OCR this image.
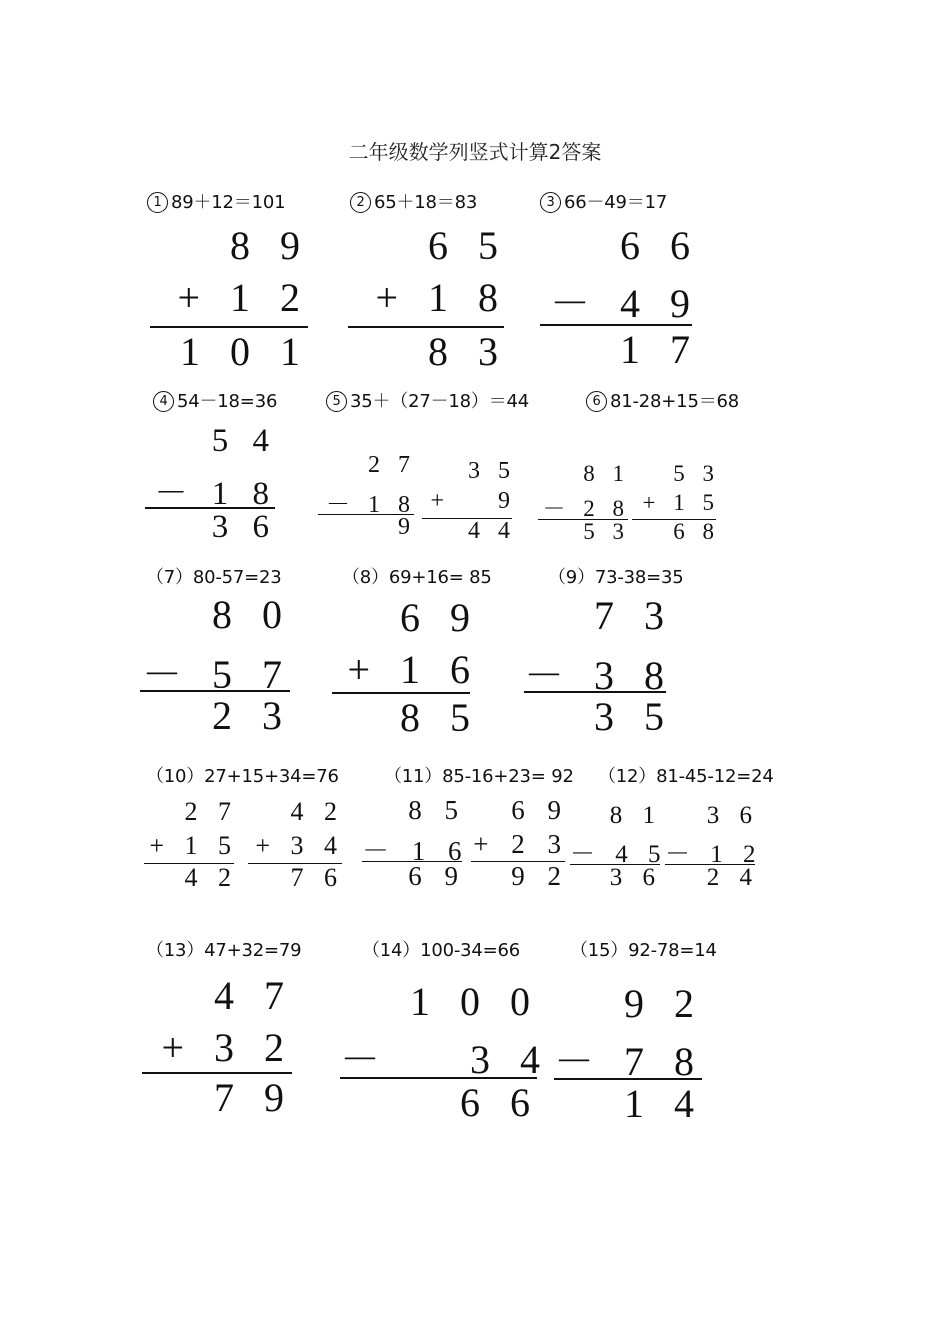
二年级数学列竖式计算2答案
1 89＋12＝101	2 65＋18＝83	3 66－49＝17
8 9
+ 1 2
1 0 1
6 5
+ 1 8
8 3
6 6
－ 4 9
1 7
4 54－18=36	5 35＋（27－18）＝44	6 81-28+15＝68
5 4
－ 1 8
3 6
2 7
－ 1 8
9
3 5
+    9
4 4
8 1
－ 2 8
5 3
5 3
+ 1 5
6 8
（7）80-57=23	（8）69+16= 85	（9）73-38=35
8 0
－ 5 7
2 3
6 9
+ 1 6
8 5
7 3
－ 3 8
3 5
（10）27+15+34=76	（11）85-16+23= 92 （12）81-45-12=24
2 7
+ 1 5
4 2
4 2
+ 3 4
7 6
8 5
－ 1 6
6 9
6 9
+ 2 3
9 2
8 1
－ 4 5
3 6
3 6
－ 1 2
2 4
（13）47+32=79	（14）100-34=66	（15）92-78=14
4 7
+ 3 2
7 9
1 0 0
－    3 4
6 6
9 2
－ 7 8
1 4
